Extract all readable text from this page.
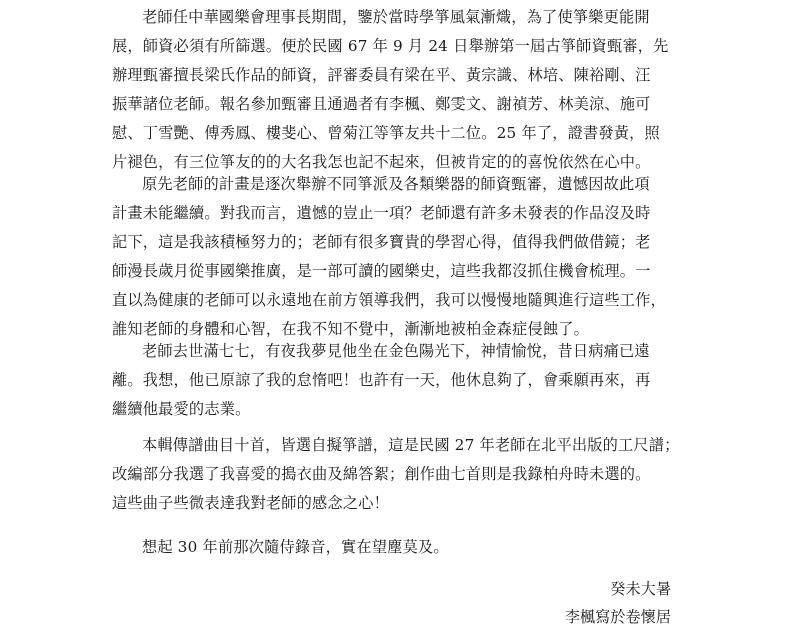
老師任中華國樂會理事長期間，鑒於當時學箏風氣漸熾，為了使箏樂更能開
展，師資必須有所篩選。便於民國 67 年 9 月 24 日舉辦第一屆古箏師資甄審，先
辦理甄審擅長梁氏作品的師資，評審委員有梁在平、黃宗識、林培、陳裕剛、汪
振華諸位老師。報名參加甄審且通過者有李楓、鄭雯文、謝禎芳、林美涼、施可
慰、丁雪艷、傅秀鳳、樓斐心、曾菊江等箏友共十二位。25 年了，證書發黃，照
片褪色，有三位箏友的的大名我怎也記不起來，但被肯定的的喜悅依然在心中。
原先老師的計畫是逐次舉辦不同箏派及各類樂器的師資甄審，遺憾因故此項
計畫未能繼續。對我而言，遺憾的豈止一項？老師還有許多未發表的作品沒及時
記下，這是我該積極努力的；老師有很多寶貴的學習心得，值得我們做借鏡；老
師漫長歲月從事國樂推廣，是一部可讀的國樂史，這些我都沒抓住機會梳理。一
直以為健康的老師可以永遠地在前方領導我們，我可以慢慢地隨興進行這些工作，
誰知老師的身體和心智，在我不知不覺中，漸漸地被柏金森症侵蝕了。
老師去世滿七七，有夜我夢見他坐在金色陽光下，神情愉悅，昔日病痛已遠
離。我想，他已原諒了我的怠惰吧！也許有一天，他休息夠了，會乘願再來，再
繼續他最愛的志業。
本輯傳譜曲目十首，皆選自擬箏譜，這是民國 27 年老師在北平出版的工尺譜；
改編部分我選了我喜愛的搗衣曲及綿答絮；創作曲七首則是我錄柏舟時未選的。
這些曲子些微表達我對老師的感念之心！
想起 30 年前那次隨侍錄音，實在望塵莫及。
癸未大暑
李楓寫於卷懷居
